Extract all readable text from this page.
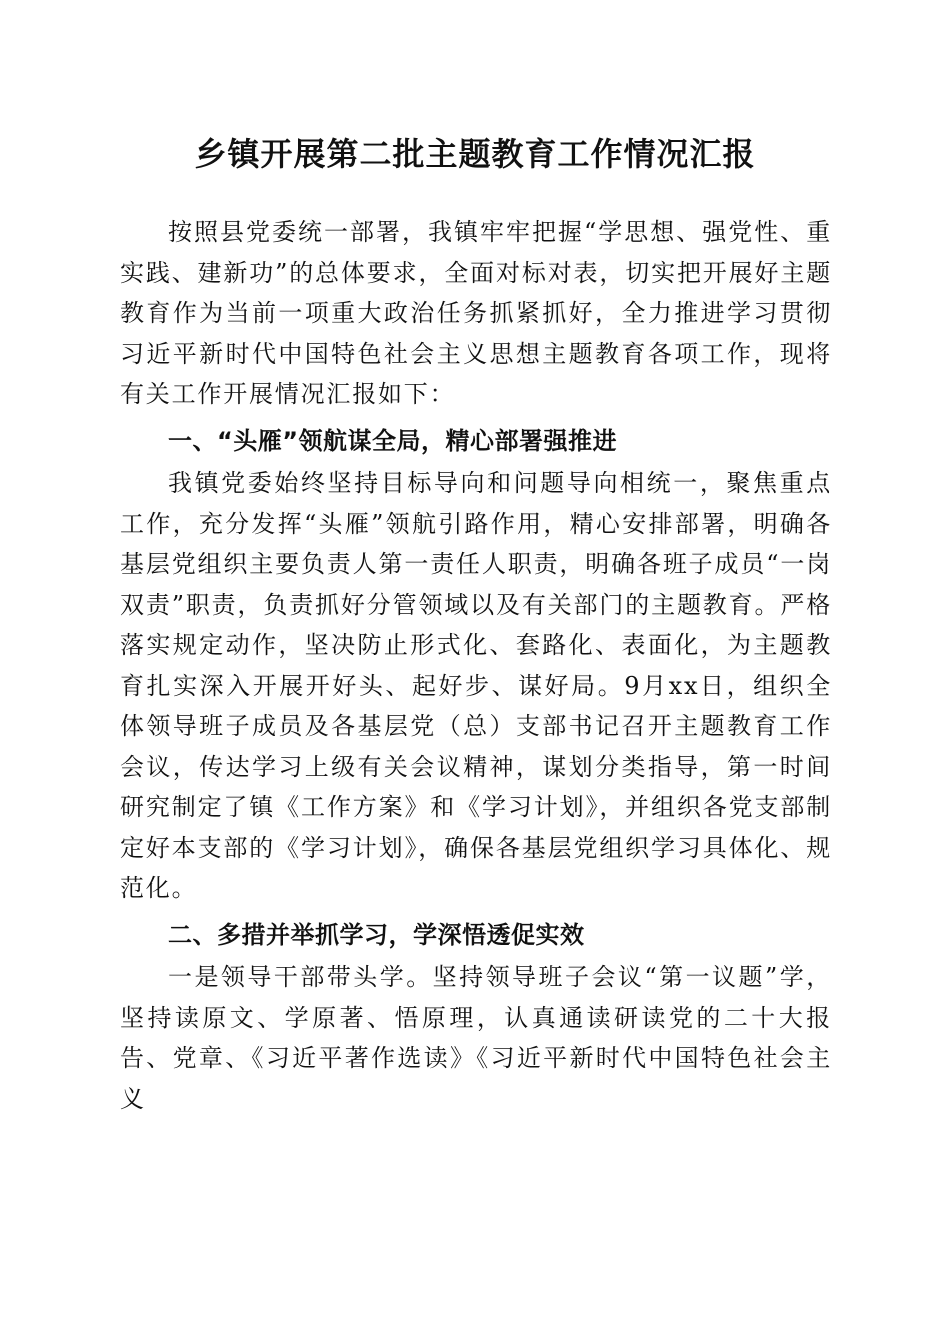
乡镇开展第二批主题教育工作情况汇报

按照县党委统一部署，我镇牢牢把握“学思想、强党性、重实践、建新功”的总体要求，全面对标对表，切实把开展好主题教育作为当前一项重大政治任务抓紧抓好，全力推进学习贯彻习近平新时代中国特色社会主义思想主题教育各项工作，现将有关工作开展情况汇报如下：

一、“头雁”领航谋全局，精心部署强推进

我镇党委始终坚持目标导向和问题导向相统一，聚焦重点工作，充分发挥“头雁”领航引路作用，精心安排部署，明确各基层党组织主要负责人第一责任人职责，明确各班子成员“一岗双责”职责，负责抓好分管领域以及有关部门的主题教育。严格落实规定动作，坚决防止形式化、套路化、表面化，为主题教育扎实深入开展开好头、起好步、谋好局。9月xx日，组织全体领导班子成员及各基层党（总）支部书记召开主题教育工作会议，传达学习上级有关会议精神，谋划分类指导，第一时间研究制定了镇《工作方案》和《学习计划》，并组织各党支部制定好本支部的《学习计划》，确保各基层党组织学习具体化、规范化。

二、多措并举抓学习，学深悟透促实效

一是领导干部带头学。坚持领导班子会议“第一议题”学，坚持读原文、学原著、悟原理，认真通读研读党的二十大报告、党章、《习近平著作选读》《习近平新时代中国特色社会主义
